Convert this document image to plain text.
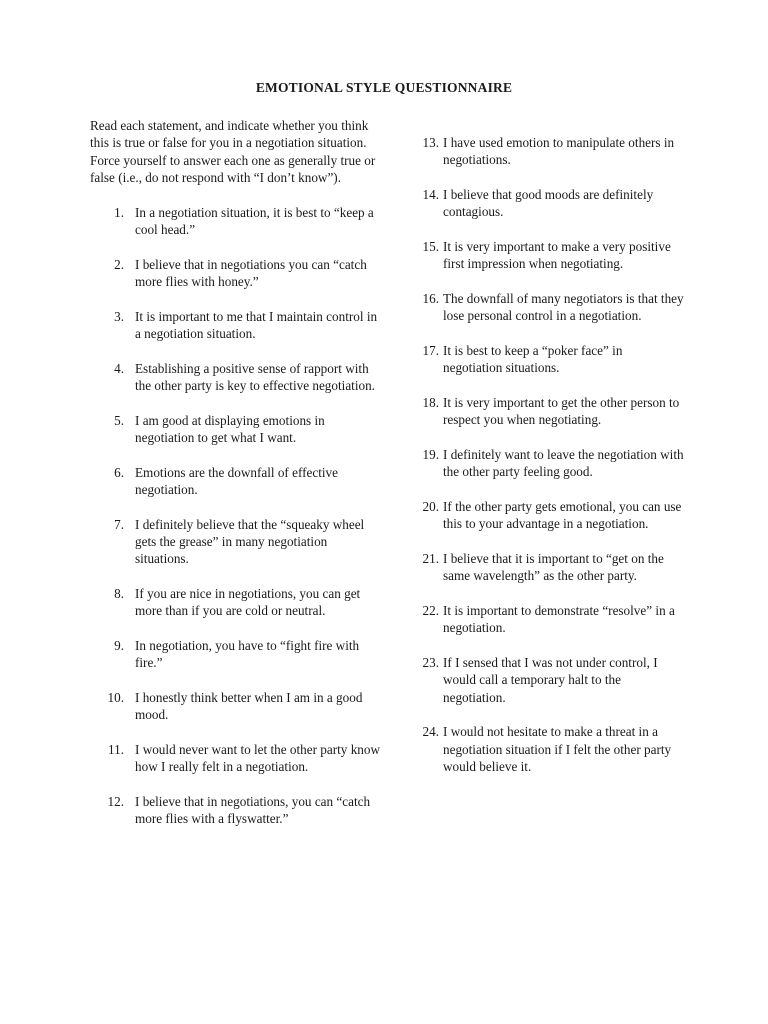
EMOTIONAL STYLE QUESTIONNAIRE

Read each statement, and indicate whether you think this is true or false for you in a negotiation situation. Force yourself to answer each one as generally true or false (i.e., do not respond with “I don’t know”).

1. In a negotiation situation, it is best to “keep a cool head.”
2. I believe that in negotiations you can “catch more flies with honey.”
3. It is important to me that I maintain control in a negotiation situation.
4. Establishing a positive sense of rapport with the other party is key to effective negotiation.
5. I am good at displaying emotions in negotiation to get what I want.
6. Emotions are the downfall of effective negotiation.
7. I definitely believe that the “squeaky wheel gets the grease” in many negotiation situations.
8. If you are nice in negotiations, you can get more than if you are cold or neutral.
9. In negotiation, you have to “fight fire with fire.”
10. I honestly think better when I am in a good mood.
11. I would never want to let the other party know how I really felt in a negotiation.
12. I believe that in negotiations, you can “catch more flies with a flyswatter.”
13. I have used emotion to manipulate others in negotiations.
14. I believe that good moods are definitely contagious.
15. It is very important to make a very positive first impression when negotiating.
16. The downfall of many negotiators is that they lose personal control in a negotiation.
17. It is best to keep a “poker face” in negotiation situations.
18. It is very important to get the other person to respect you when negotiating.
19. I definitely want to leave the negotiation with the other party feeling good.
20. If the other party gets emotional, you can use this to your advantage in a negotiation.
21. I believe that it is important to “get on the same wavelength” as the other party.
22. It is important to demonstrate “resolve” in a negotiation.
23. If I sensed that I was not under control, I would call a temporary halt to the negotiation.
24. I would not hesitate to make a threat in a negotiation situation if I felt the other party would believe it.
